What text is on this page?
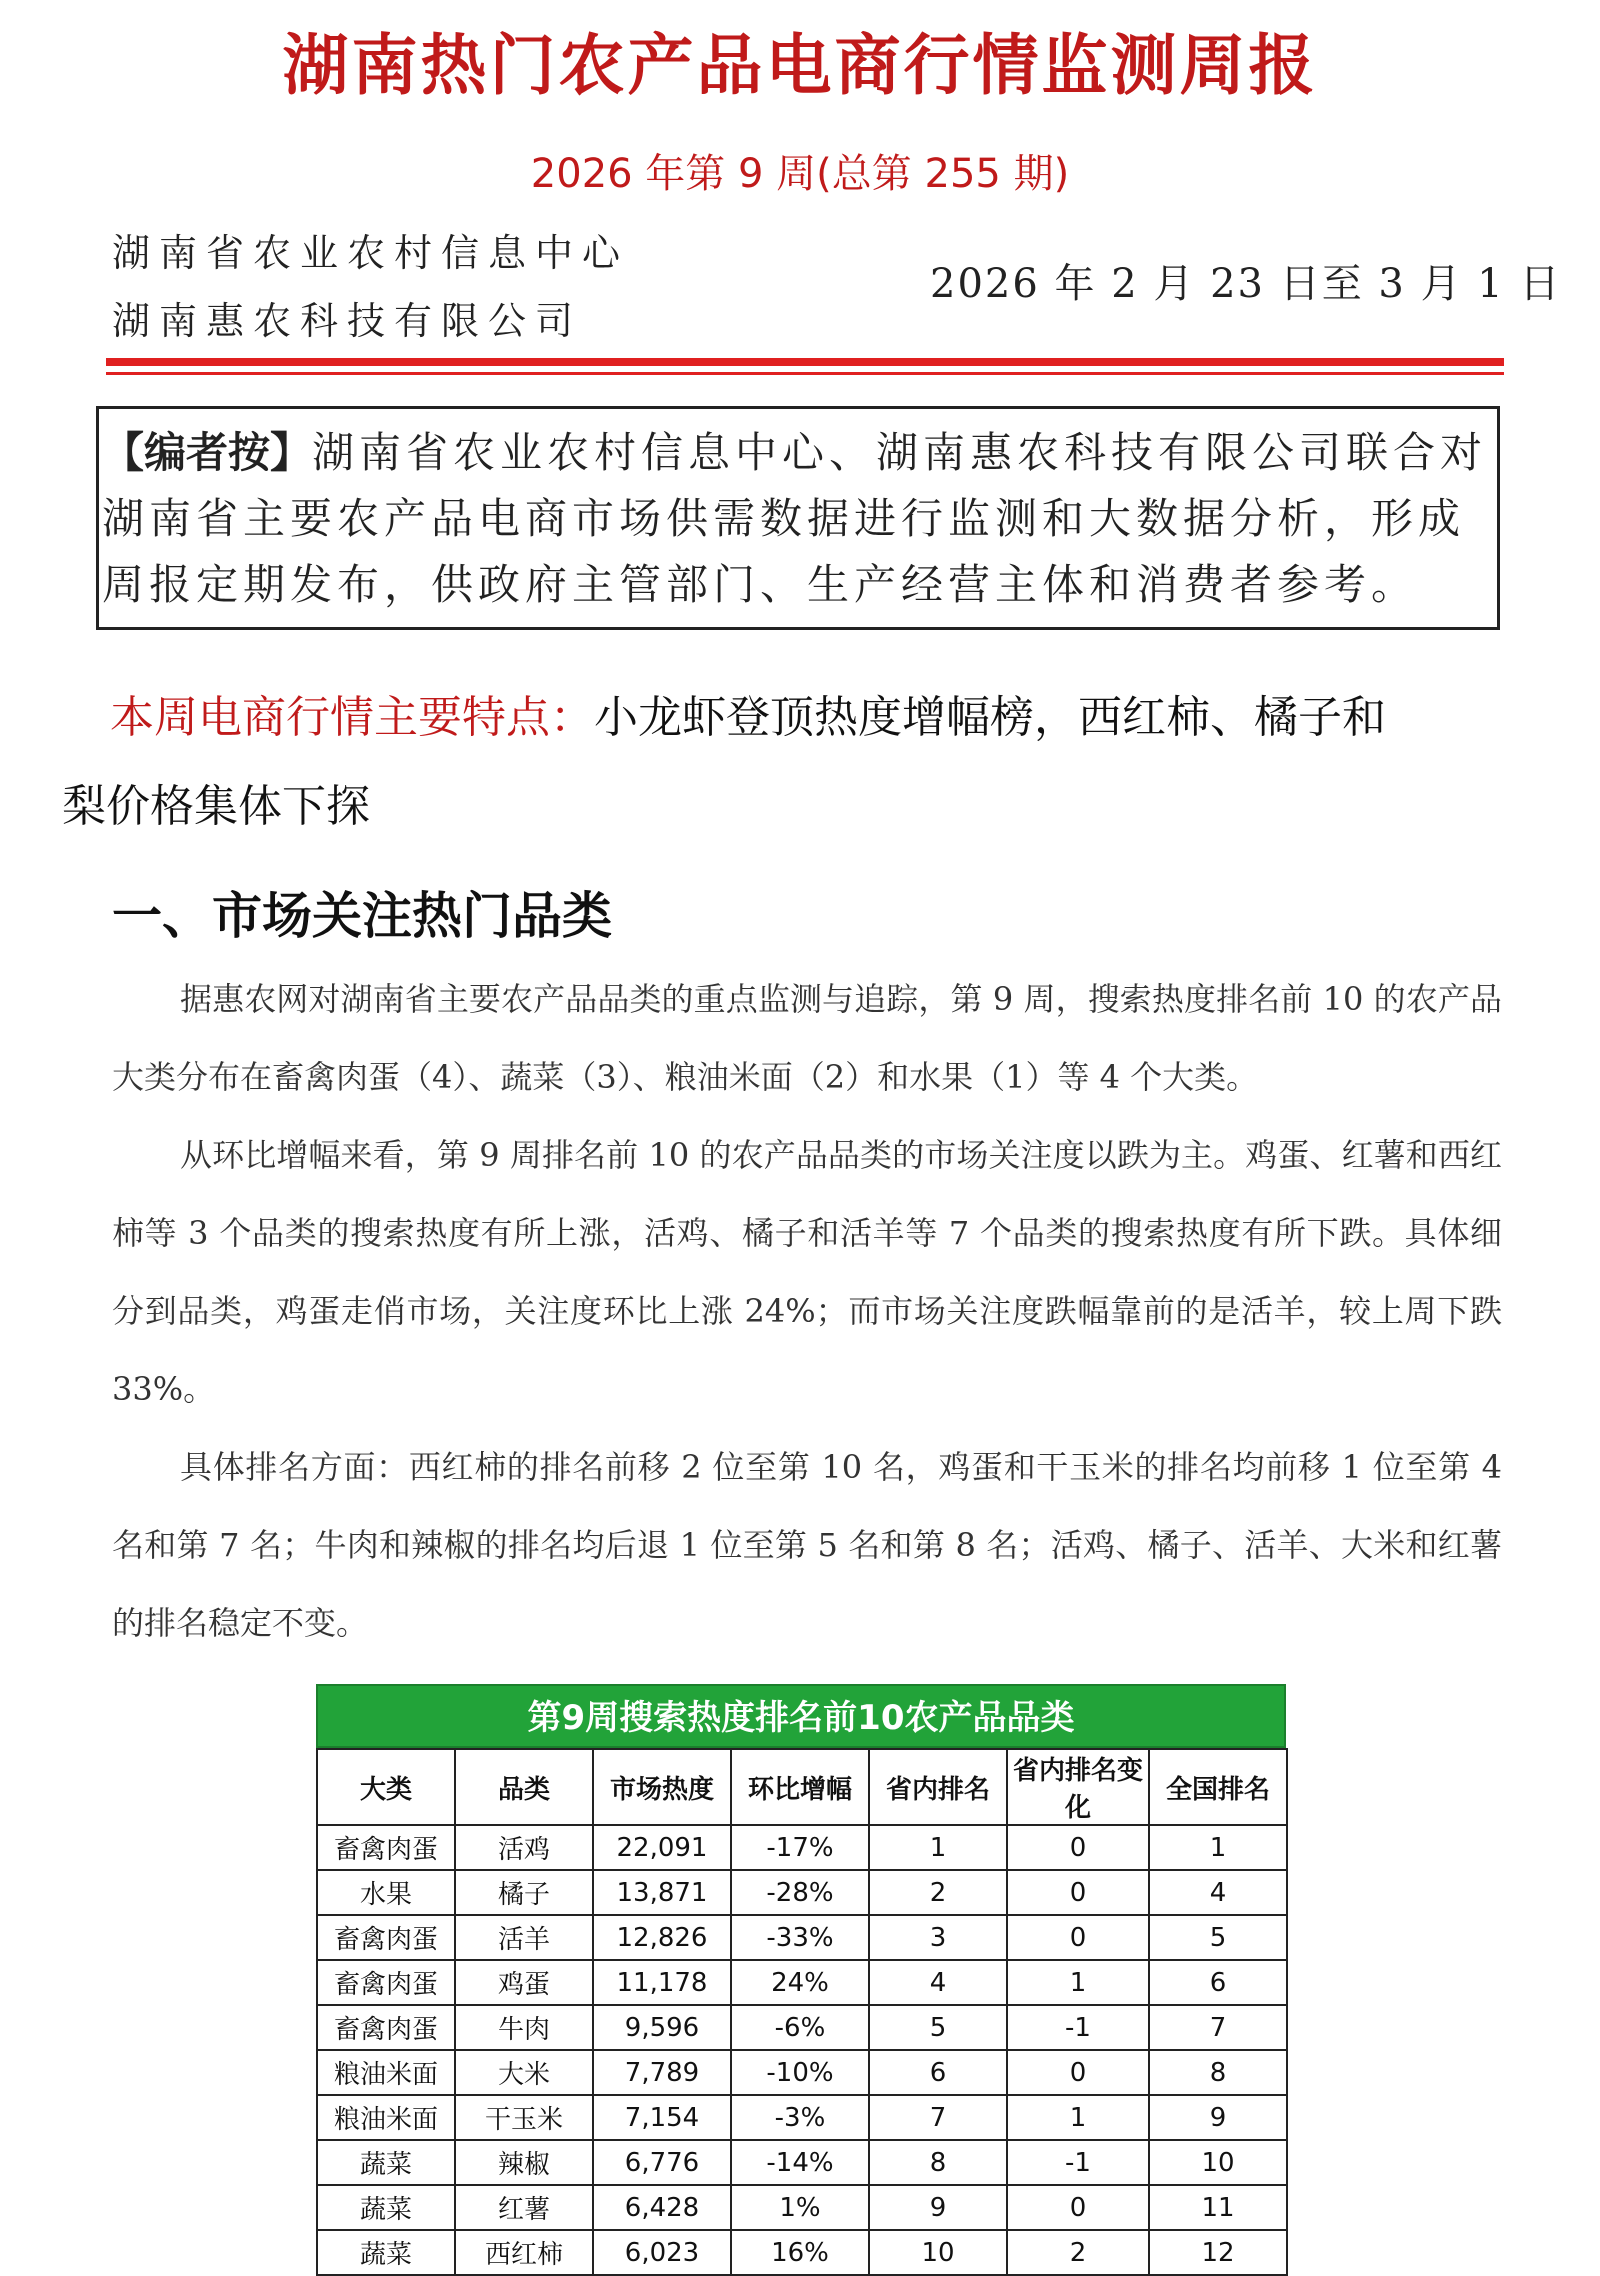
湖南热门农产品电商行情监测周报
2026 年第 9 周(总第 255 期)
湖南省农业农村信息中心
湖南惠农科技有限公司
2026 年 2 月 23 日至 3 月 1 日
【编者按】湖南省农业农村信息中心、湖南惠农科技有限公司联合对湖南省主要农产品电商市场供需数据进行监测和大数据分析，形成周报定期发布，供政府主管部门、生产经营主体和消费者参考。
本周电商行情主要特点：小龙虾登顶热度增幅榜，西红柿、橘子和
梨价格集体下探
一、市场关注热门品类
据惠农网对湖南省主要农产品品类的重点监测与追踪，第 9 周，搜索热度排名前 10 的农产品大类分布在畜禽肉蛋（4）、蔬菜（3）、粮油米面（2）和水果（1）等 4 个大类。
从环比增幅来看，第 9 周排名前 10 的农产品品类的市场关注度以跌为主。鸡蛋、红薯和西红柿等 3 个品类的搜索热度有所上涨，活鸡、橘子和活羊等 7 个品类的搜索热度有所下跌。具体细分到品类，鸡蛋走俏市场，关注度环比上涨 24%；而市场关注度跌幅靠前的是活羊，较上周下跌 33%。
具体排名方面：西红柿的排名前移 2 位至第 10 名，鸡蛋和干玉米的排名均前移 1 位至第 4 名和第 7 名；牛肉和辣椒的排名均后退 1 位至第 5 名和第 8 名；活鸡、橘子、活羊、大米和红薯的排名稳定不变。
第9周搜索热度排名前10农产品品类
大类	品类	市场热度	环比增幅	省内排名	省内排名变化	全国排名
畜禽肉蛋	活鸡	22,091	-17%	1	0	1
水果	橘子	13,871	-28%	2	0	4
畜禽肉蛋	活羊	12,826	-33%	3	0	5
畜禽肉蛋	鸡蛋	11,178	24%	4	1	6
畜禽肉蛋	牛肉	9,596	-6%	5	-1	7
粮油米面	大米	7,789	-10%	6	0	8
粮油米面	干玉米	7,154	-3%	7	1	9
蔬菜	辣椒	6,776	-14%	8	-1	10
蔬菜	红薯	6,428	1%	9	0	11
蔬菜	西红柿	6,023	16%	10	2	12
